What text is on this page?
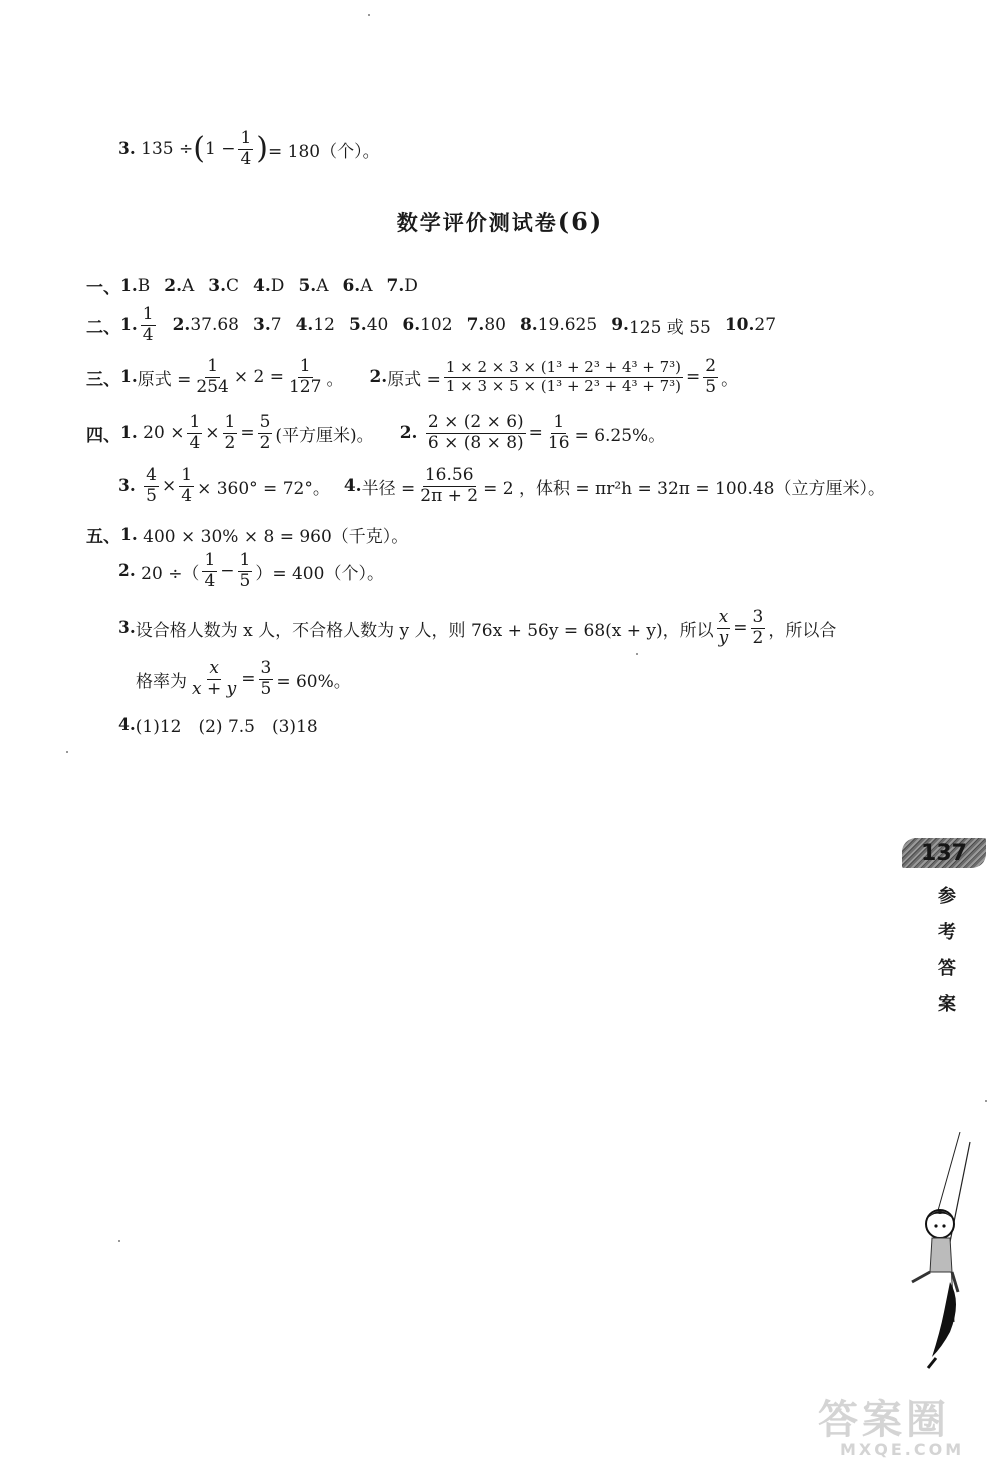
3.
135 ÷ ( $1 - \frac{1}{4}$ ) = 180（个）。
数学评价测试卷(6)
一、 1. B 2. A 3. C 4. D 5. A 6. A 7. D
二、 1. $\frac{1}{4} 2$. 37.68 3. 7 4. 12 5. 40 6. 102 7. 80 8. 19.625 9. 125 或 55 10. 27
三、 1. 原式 = $\frac{1}{254} \times 2 = \frac{1}{127}$ 。 2. 原式 = $\frac{\text{1 × 2 × 3 × (1³ + 2³ + 4³ + 7³)}}{\text{1 × 3 × 5 × (1³ + 2³ + 4³ + 7³)}} = \frac{2}{5}$ 。
四、 1.
$20 \times \frac{1}{4} \times \frac{1}{2} = \frac{5}{2}$ (平方厘米)。 2.
$\frac{2 \times (2 \times 6)}{6 \times (8 \times 8)} = \frac{1}{16} = 6.25\%$。
3.
$\frac{4}{5} \times \frac{1}{4} \times 360^\circ = 72^\circ$。 4. 半径 = $\frac{16.56}{2\pi + 2} = 2$ ，体积 = πr²h = 32π = 100.48（立方厘米）。
五、 1.
400 × 30% × 8 = 960（千克）。
2.
20 ÷（ $\frac{1}{4} - \frac{1}{5}$ ）= 400（个）。
3. 设合格人数为 x 人，不合格人数为 y 人，则 76x + 56y = 68(x + y)，所以 $\frac{x}{y} = \frac{3}{2}$ ，所以合
格率为 $\frac{x}{x + y} = \frac{3}{5} = 60\%$。
4. (1)12　(2) 7.5　(3)18
137
参
考
答
案
答案圈
MXQE.COM
